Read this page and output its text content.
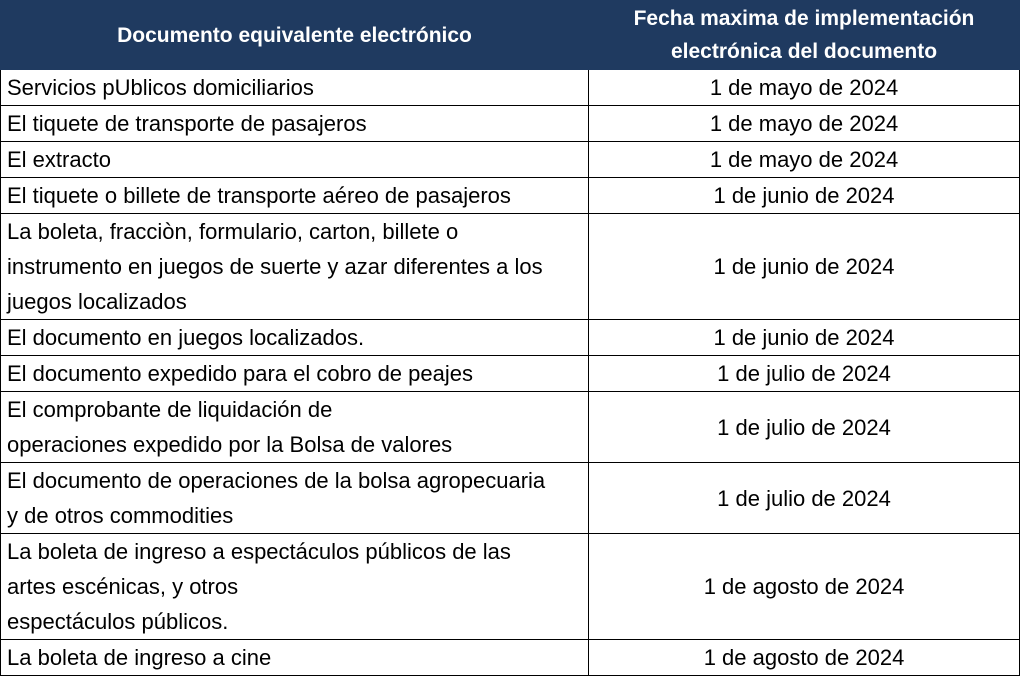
Documento equivalente electrónico	Fecha maxima de implementación
electrónica del documento
Servicios pUblicos domiciliarios	1 de mayo de 2024
El tiquete de transporte de pasajeros	1 de mayo de 2024
El extracto	1 de mayo de 2024
El tiquete o billete de transporte aéreo de pasajeros	1 de junio de 2024
La boleta, fracciòn, formulario, carton, billete o
instrumento en juegos de suerte y azar diferentes a los
juegos localizados	1 de junio de 2024
El documento en juegos localizados.	1 de junio de 2024
El documento expedido para el cobro de peajes	1 de julio de 2024
El comprobante de liquidación de
operaciones expedido por la Bolsa de valores	1 de julio de 2024
El documento de operaciones de la bolsa agropecuaria
y de otros commodities	1 de julio de 2024
La boleta de ingreso a espectáculos públicos de las
artes escénicas, y otros
espectáculos públicos.	1 de agosto de 2024
La boleta de ingreso a cine	1 de agosto de 2024
